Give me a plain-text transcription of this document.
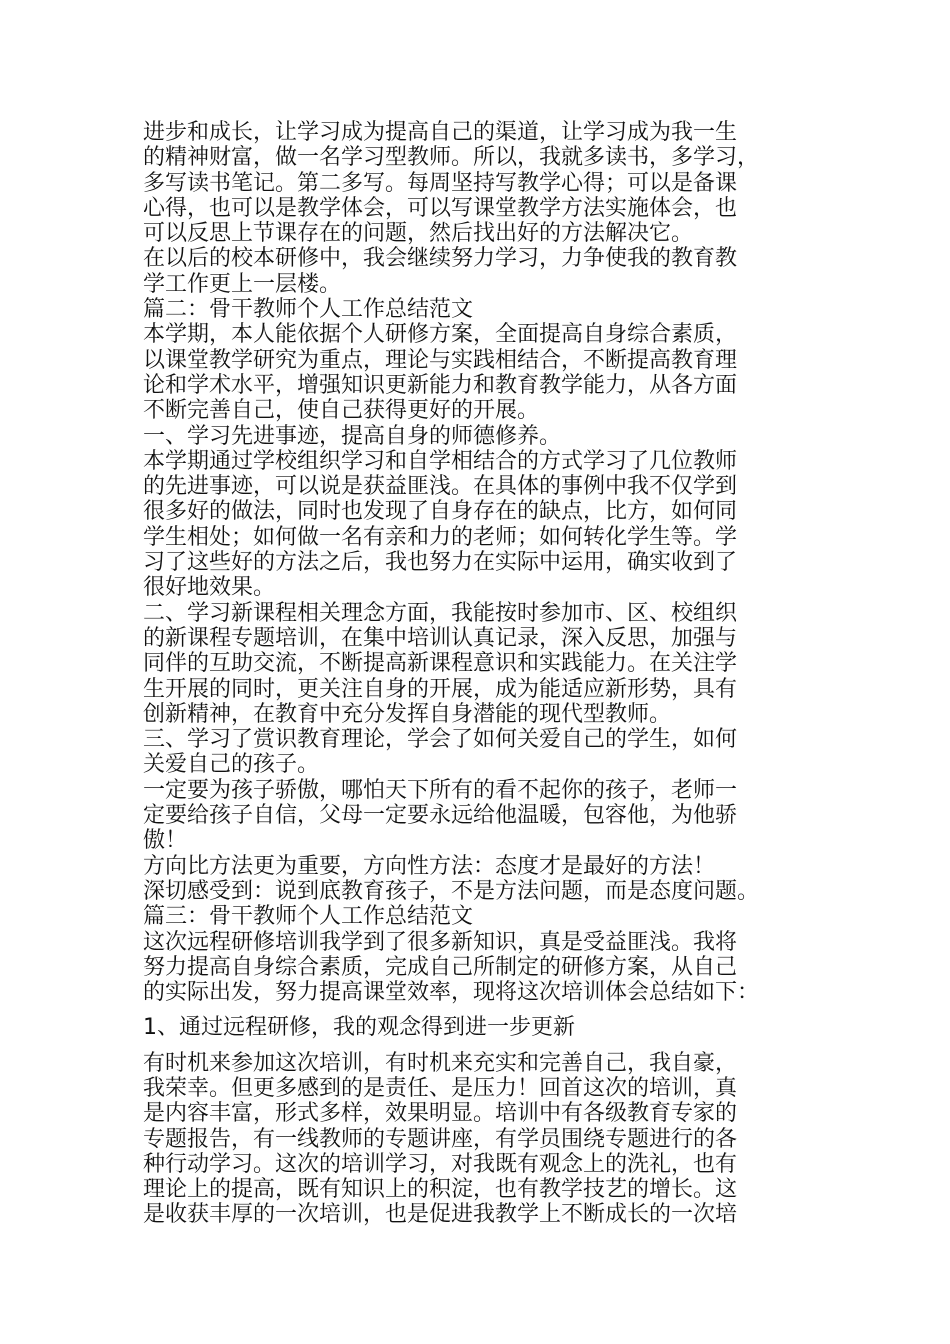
进步和成长，让学习成为提高自己的渠道，让学习成为我一生
的精神财富，做一名学习型教师。所以，我就多读书，多学习，
多写读书笔记。第二多写。每周坚持写教学心得；可以是备课
心得，也可以是教学体会，可以写课堂教学方法实施体会，也
可以反思上节课存在的问题，然后找出好的方法解决它。
在以后的校本研修中，我会继续努力学习，力争使我的教育教
学工作更上一层楼。
篇二：骨干教师个人工作总结范文
本学期，本人能依据个人研修方案，全面提高自身综合素质，
以课堂教学研究为重点，理论与实践相结合，不断提高教育理
论和学术水平，增强知识更新能力和教育教学能力，从各方面
不断完善自己，使自己获得更好的开展。
一、学习先进事迹，提高自身的师德修养。
本学期通过学校组织学习和自学相结合的方式学习了几位教师
的先进事迹，可以说是获益匪浅。在具体的事例中我不仅学到
很多好的做法，同时也发现了自身存在的缺点，比方，如何同
学生相处；如何做一名有亲和力的老师；如何转化学生等。学
习了这些好的方法之后，我也努力在实际中运用，确实收到了
很好地效果。
二、学习新课程相关理念方面，我能按时参加市、区、校组织
的新课程专题培训，在集中培训认真记录，深入反思，加强与
同伴的互助交流，不断提高新课程意识和实践能力。在关注学
生开展的同时，更关注自身的开展，成为能适应新形势，具有
创新精神，在教育中充分发挥自身潜能的现代型教师。
三、学习了赏识教育理论，学会了如何关爱自己的学生，如何
关爱自己的孩子。
一定要为孩子骄傲，哪怕天下所有的看不起你的孩子，老师一
定要给孩子自信，父母一定要永远给他温暖，包容他，为他骄
傲！
方向比方法更为重要，方向性方法：态度才是最好的方法！
深切感受到：说到底教育孩子，不是方法问题，而是态度问题。
篇三：骨干教师个人工作总结范文
这次远程研修培训我学到了很多新知识，真是受益匪浅。我将
努力提高自身综合素质，完成自己所制定的研修方案，从自己
的实际出发，努力提高课堂效率，现将这次培训体会总结如下：
1、通过远程研修，我的观念得到进一步更新
有时机来参加这次培训，有时机来充实和完善自己，我自豪，
我荣幸。但更多感到的是责任、是压力！回首这次的培训，真
是内容丰富，形式多样，效果明显。培训中有各级教育专家的
专题报告，有一线教师的专题讲座，有学员围绕专题进行的各
种行动学习。这次的培训学习，对我既有观念上的洗礼，也有
理论上的提高，既有知识上的积淀，也有教学技艺的增长。这
是收获丰厚的一次培训，也是促进我教学上不断成长的一次培
